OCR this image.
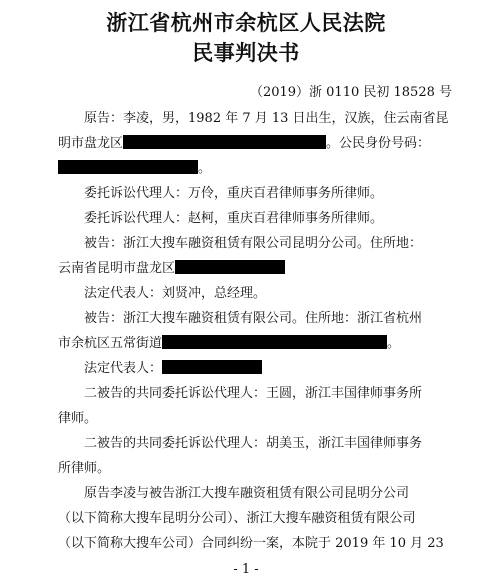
浙江省杭州市余杭区人民法院
民事判决书
（2019）浙 0110 民初 18528 号
原告：李凌，男，1982 年 7 月 13 日出生，汉族，住云南省昆
明市盘龙区	。公民身份号码：
。
委托诉讼代理人：万伶，重庆百君律师事务所律师。
委托诉讼代理人：赵柯，重庆百君律师事务所律师。
被告：浙江大搜车融资租赁有限公司昆明分公司。住所地：
云南省昆明市盘龙区
法定代表人：刘贤冲，总经理。
被告：浙江大搜车融资租赁有限公司。住所地：浙江省杭州
市余杭区五常街道	。
法定代表人：
二被告的共同委托诉讼代理人：王圆，浙江丰国律师事务所
律师。
二被告的共同委托诉讼代理人：胡美玉，浙江丰国律师事务
所律师。
原告李凌与被告浙江大搜车融资租赁有限公司昆明分公司
（以下简称大搜车昆明分公司）、浙江大搜车融资租赁有限公司
（以下简称大搜车公司）合同纠纷一案，本院于 2019 年 10 月 23
- 1 -
